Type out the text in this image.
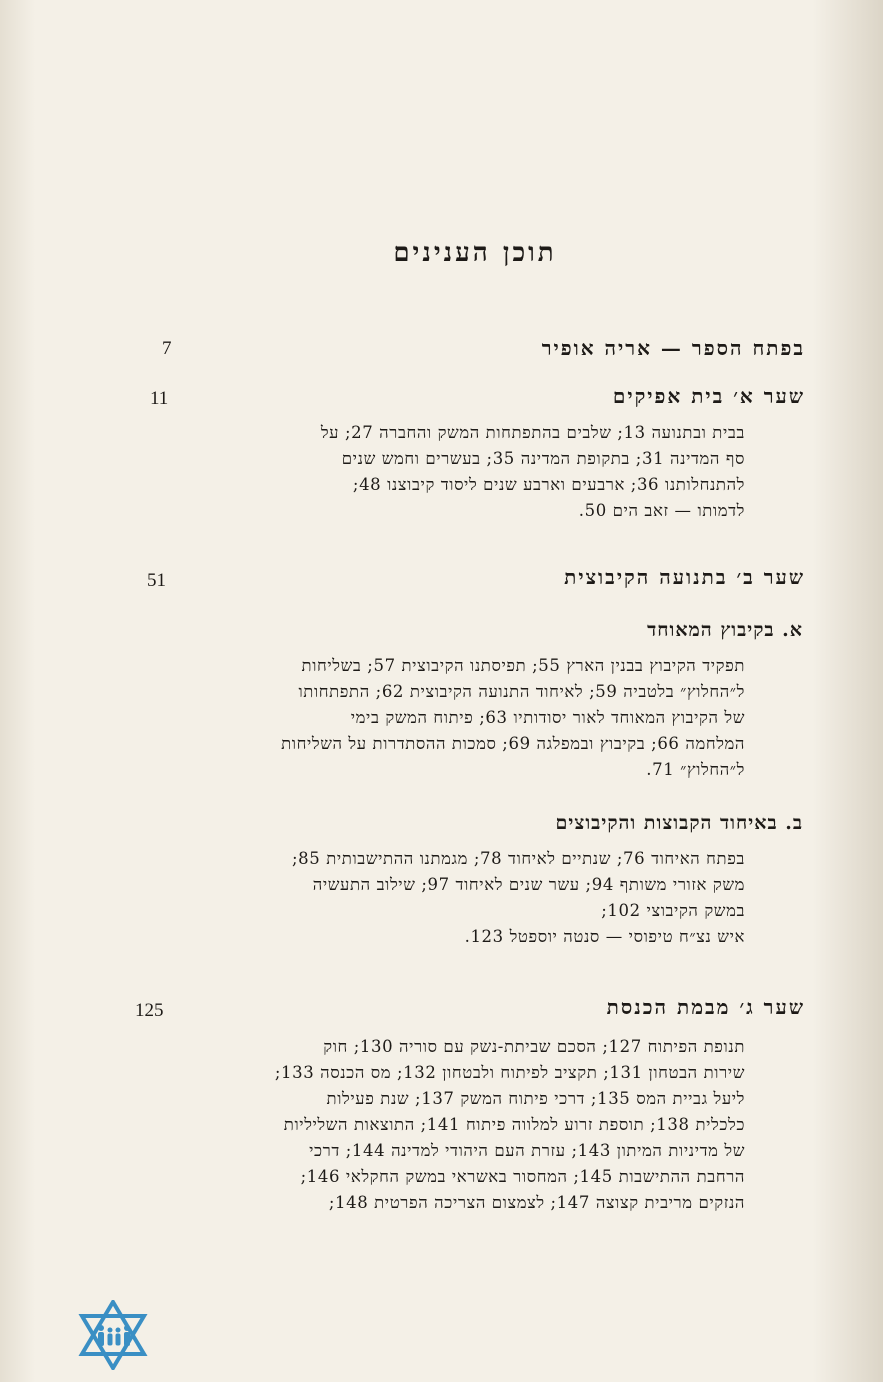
תוכן הענינים
בפתח הספר — אריה אופיר
7
שער א׳ בית אפיקים
11

בבית ובתנועה 13; שלבים בהתפתחות המשק והחברה 27; על

סף המדינה 31; בתקופת המדינה 35; בעשרים וחמש שנים

להתנחלותנו 36; ארבעים וארבע שנים ליסוד קיבוצנו 48;

לדמותו — זאב הים 50.

שער ב׳ בתנועה הקיבוצית
51
א. בקיבוץ המאוחד

תפקיד הקיבוץ בבנין הארץ 55; תפיסתנו הקיבוצית 57; בשליחות

ל״החלוץ״ בלטביה 59; לאיחוד התנועה הקיבוצית 62; התפתחותו

של הקיבוץ המאוחד לאור יסודותיו 63; פיתוח המשק בימי

המלחמה 66; בקיבוץ ובמפלגה 69; סמכות ההסתדרות על השליחות

ל״החלוץ״ 71.

ב. באיחוד הקבוצות והקיבוצים

בפתח האיחוד 76; שנתיים לאיחוד 78; מגמתנו ההתישבותית 85;

משק אזורי משותף 94; עשר שנים לאיחוד 97; שילוב התעשיה

במשק הקיבוצי 102;

איש נצ״ח טיפוסי — סנטה יוספטל 123.

שער ג׳ מבמת הכנסת
125

תנופת הפיתוח 127; הסכם שביתת-נשק עם סוריה 130; חוק

שירות הבטחון 131; תקציב לפיתוח ולבטחון 132; מס הכנסה 133;

ליעל גביית המס 135; דרכי פיתוח המשק 137; שנת פעילות

כלכלית 138; תוספת זרוע למלווה פיתוח 141; התוצאות השליליות

של מדיניות המיתון 143; עזרת העם היהודי למדינה 144; דרכי

הרחבת ההתישבות 145; המחסור באשראי במשק החקלאי 146;

הנזקים מריבית קצוצה 147; לצמצום הצריכה הפרטית 148;
